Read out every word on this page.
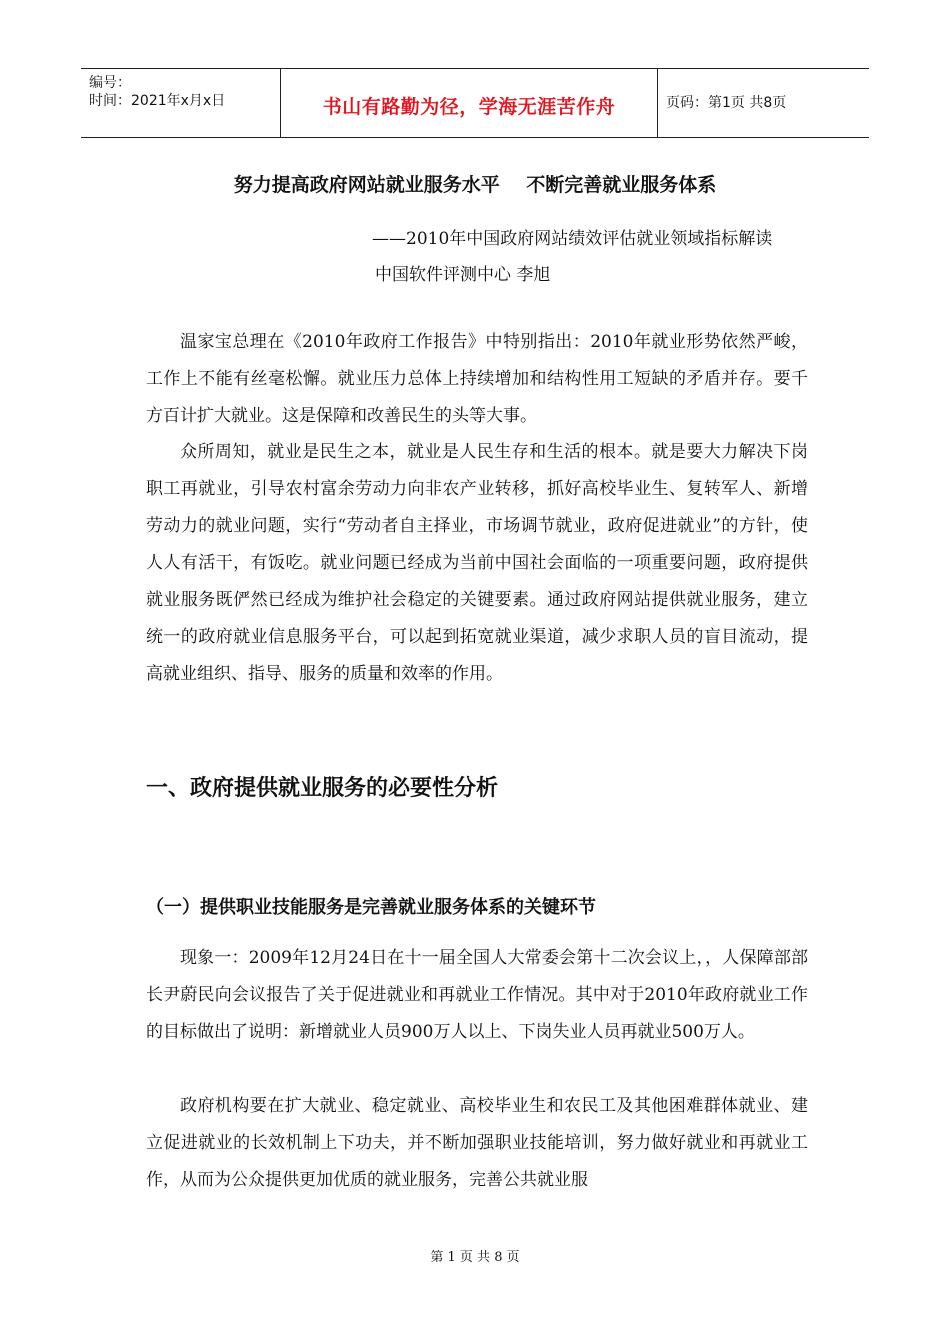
编号：
时间：2021年x月x日	书山有路勤为径，学海无涯苦作舟	页码：第1页 共8页
努力提高政府网站就业服务水平    不断完善就业服务体系
——2010年中国政府网站绩效评估就业领域指标解读
中国软件评测中心 李旭
温家宝总理在《2010年政府工作报告》中特别指出：2010年就业形势依然严峻，工作上不能有丝毫松懈。就业压力总体上持续增加和结构性用工短缺的矛盾并存。要千方百计扩大就业。这是保障和改善民生的头等大事。
众所周知，就业是民生之本，就业是人民生存和生活的根本。就是要大力解决下岗职工再就业，引导农村富余劳动力向非农产业转移，抓好高校毕业生、复转军人、新增劳动力的就业问题，实行“劳动者自主择业，市场调节就业，政府促进就业”的方针，使人人有活干，有饭吃。就业问题已经成为当前中国社会面临的一项重要问题，政府提供就业服务既俨然已经成为维护社会稳定的关键要素。通过政府网站提供就业服务，建立统一的政府就业信息服务平台，可以起到拓宽就业渠道，减少求职人员的盲目流动，提高就业组织、指导、服务的质量和效率的作用。
一、政府提供就业服务的必要性分析
（一）提供职业技能服务是完善就业服务体系的关键环节
现象一：2009年12月24日在十一届全国人大常委会第十二次会议上，，人保障部部长尹蔚民向会议报告了关于促进就业和再就业工作情况。其中对于2010年政府就业工作的目标做出了说明：新增就业人员900万人以上、下岗失业人员再就业500万人。
政府机构要在扩大就业、稳定就业、高校毕业生和农民工及其他困难群体就业、建立促进就业的长效机制上下功夫，并不断加强职业技能培训，努力做好就业和再就业工作，从而为公众提供更加优质的就业服务，完善公共就业服
第 1 页 共 8 页
